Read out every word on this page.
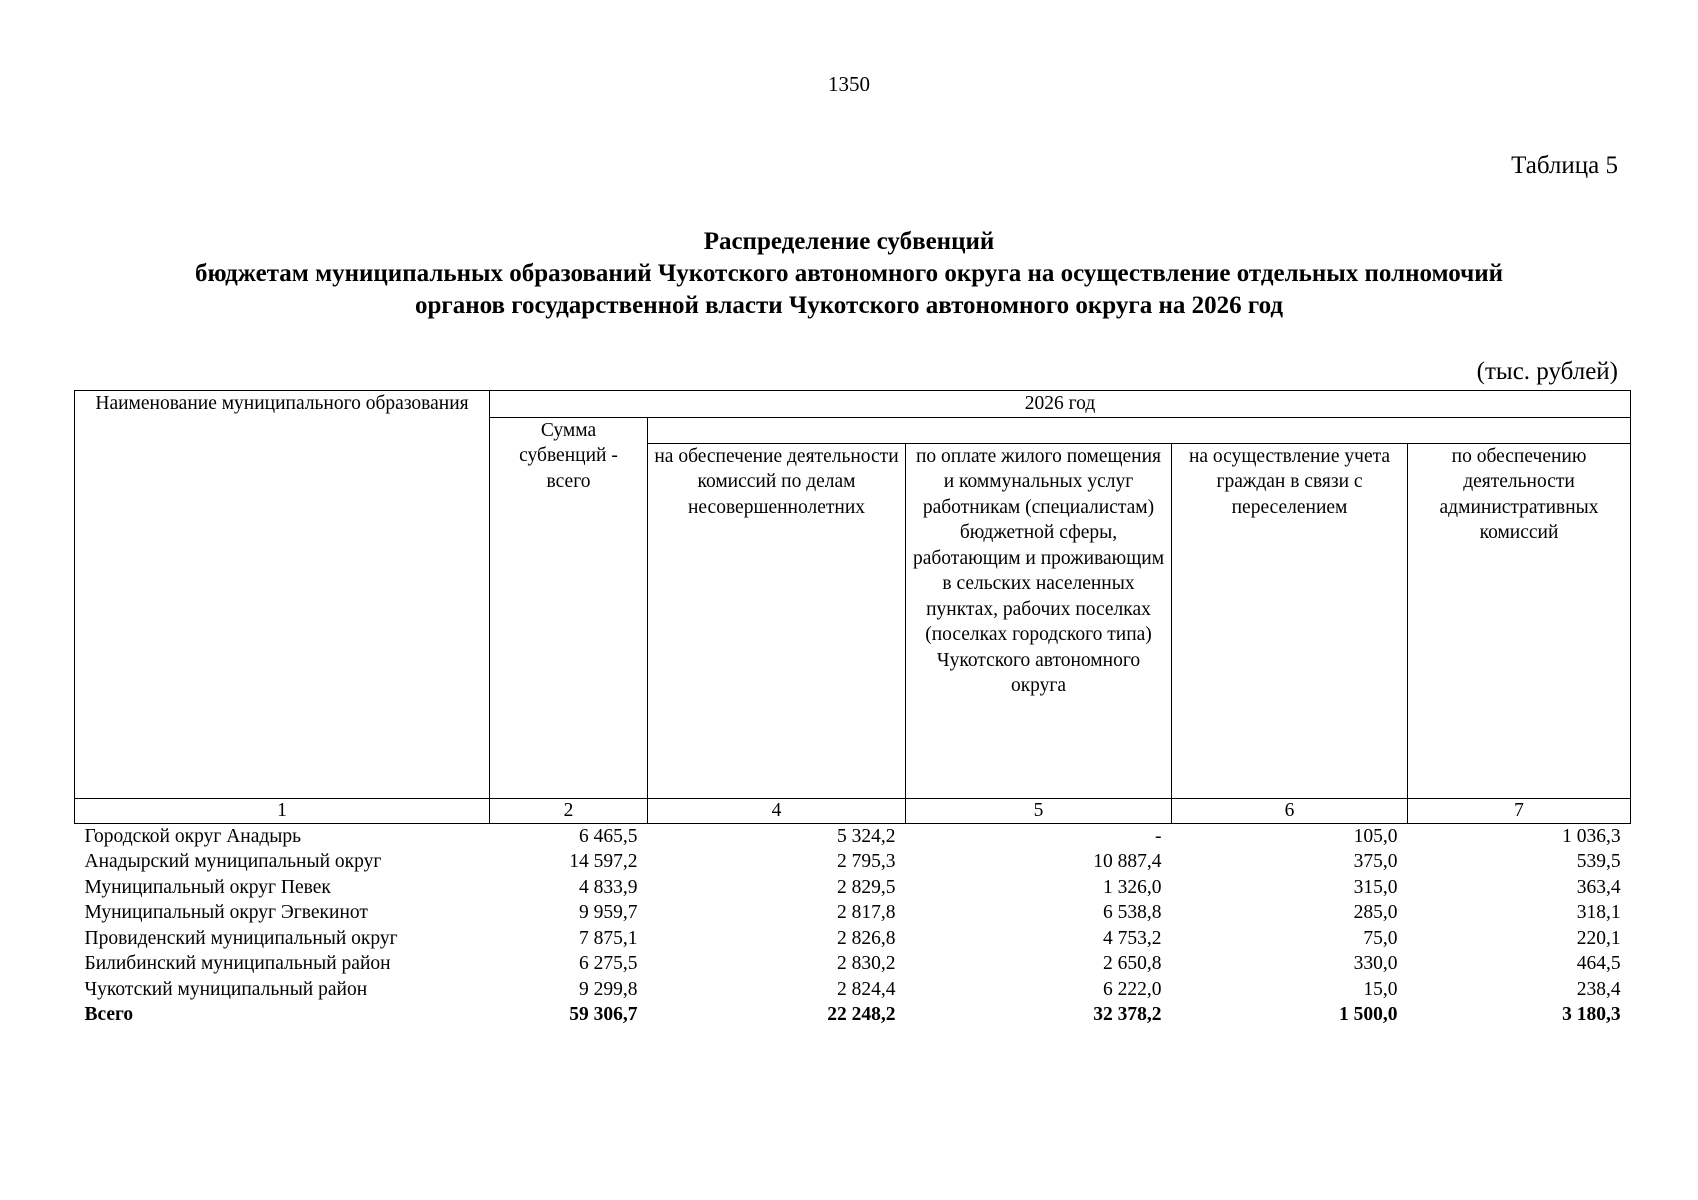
1350
Таблица 5
Распределение субвенций
бюджетам муниципальных образований Чукотского автономного округа на осуществление отдельных полномочий
органов государственной власти Чукотского автономного округа на 2026 год
(тыс. рублей)
Наименование муниципального образования	2026 год				
	Сумма субвенций - всего				
		на обеспечение деятельности комиссий по делам несовершеннолетних	по оплате жилого помещения и коммунальных услуг работникам (специалистам) бюджетной сферы, работающим и проживающим в сельских населенных пунктах, рабочих поселках (поселках городского типа) Чукотского автономного округа	на осуществление учета граждан в связи с переселением	по обеспечению деятельности административных комиссий
1	2	4	5	6	7
Городской округ Анадырь	6 465,5	5 324,2	-	105,0	1 036,3
Анадырский муниципальный округ	14 597,2	2 795,3	10 887,4	375,0	539,5
Муниципальный округ Певек	4 833,9	2 829,5	1 326,0	315,0	363,4
Муниципальный округ Эгвекинот	9 959,7	2 817,8	6 538,8	285,0	318,1
Провиденский муниципальный округ	7 875,1	2 826,8	4 753,2	75,0	220,1
Билибинский муниципальный район	6 275,5	2 830,2	2 650,8	330,0	464,5
Чукотский муниципальный район	9 299,8	2 824,4	6 222,0	15,0	238,4
Всего	59 306,7	22 248,2	32 378,2	1 500,0	3 180,3
